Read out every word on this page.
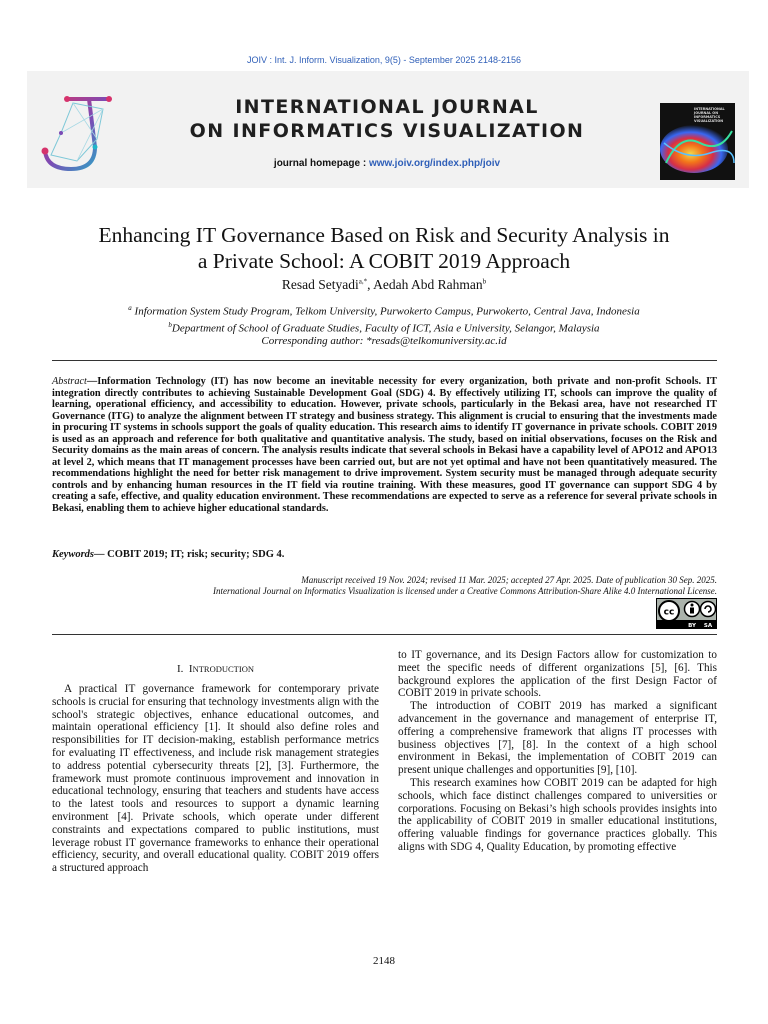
JOIV : Int. J. Inform. Visualization, 9(5) - September 2025 2148-2156
INTERNATIONAL JOURNAL
ON INFORMATICS VISUALIZATION
journal homepage : www.joiv.org/index.php/joiv
INTERNATIONAL JOURNAL ON INFORMATICS VISUALIZATION
Enhancing IT Governance Based on Risk and Security Analysis in
a Private School: A COBIT 2019 Approach
Resad Setyadi$^{a,*}$, Aedah Abd Rahman$^b$
$^a$ Information System Study Program, Telkom University, Purwokerto Campus, Purwokerto, Central Java, Indonesia
$^b$Department of School of Graduate Studies, Faculty of ICT, Asia e University, Selangor, Malaysia
Corresponding author: *resads@telkomuniversity.ac.id
Abstract—Information Technology (IT) has now become an inevitable necessity for every organization, both private and non-profit Schools. IT integration directly contributes to achieving Sustainable Development Goal (SDG) 4. By effectively utilizing IT, schools can improve the quality of learning, operational efficiency, and accessibility to education. However, private schools, particularly in the Bekasi area, have not researched IT Governance (ITG) to analyze the alignment between IT strategy and business strategy. This alignment is crucial to ensuring that the investments made in procuring IT systems in schools support the goals of quality education. This research aims to identify IT governance in private schools. COBIT 2019 is used as an approach and reference for both qualitative and quantitative analysis. The study, based on initial observations, focuses on the Risk and Security domains as the main areas of concern. The analysis results indicate that several schools in Bekasi have a capability level of APO12 and APO13 at level 2, which means that IT management processes have been carried out, but are not yet optimal and have not been quantitatively measured. The recommendations highlight the need for better risk management to drive improvement. System security must be managed through adequate security controls and by enhancing human resources in the IT field via routine training. With these measures, good IT governance can support SDG 4 by creating a safe, effective, and quality education environment. These recommendations are expected to serve as a reference for several private schools in Bekasi, enabling them to achieve higher educational standards.
Keywords— COBIT 2019; IT; risk; security; SDG 4.
Manuscript received 19 Nov. 2024; revised 11 Mar. 2025; accepted 27 Apr. 2025. Date of publication 30 Sep. 2025.
International Journal on Informatics Visualization is licensed under a Creative Commons Attribution-Share Alike 4.0 International License.
cc
BY SA
I. INTRODUCTION

A practical IT governance framework for contemporary private schools is crucial for ensuring that technology investments align with the school's strategic objectives, enhance educational outcomes, and maintain operational efficiency [1]. It should also define roles and responsibilities for IT decision-making, establish performance metrics for evaluating IT effectiveness, and include risk management strategies to address potential cybersecurity threats [2], [3]. Furthermore, the framework must promote continuous improvement and innovation in educational technology, ensuring that teachers and students have access to the latest tools and resources to support a dynamic learning environment [4]. Private schools, which operate under different constraints and expectations compared to public institutions, must leverage robust IT governance frameworks to enhance their operational efficiency, security, and overall educational quality. COBIT 2019 offers a structured approach

to IT governance, and its Design Factors allow for customization to meet the specific needs of different organizations [5], [6]. This background explores the application of the first Design Factor of COBIT 2019 in private schools.

The introduction of COBIT 2019 has marked a significant advancement in the governance and management of enterprise IT, offering a comprehensive framework that aligns IT processes with business objectives [7], [8]. In the context of a high school environment in Bekasi, the implementation of COBIT 2019 can present unique challenges and opportunities [9], [10].

This research examines how COBIT 2019 can be adapted for high schools, which face distinct challenges compared to universities or corporations. Focusing on Bekasi’s high schools provides insights into the applicability of COBIT 2019 in smaller educational institutions, offering valuable findings for governance practices globally. This aligns with SDG 4, Quality Education, by promoting effective

2148
